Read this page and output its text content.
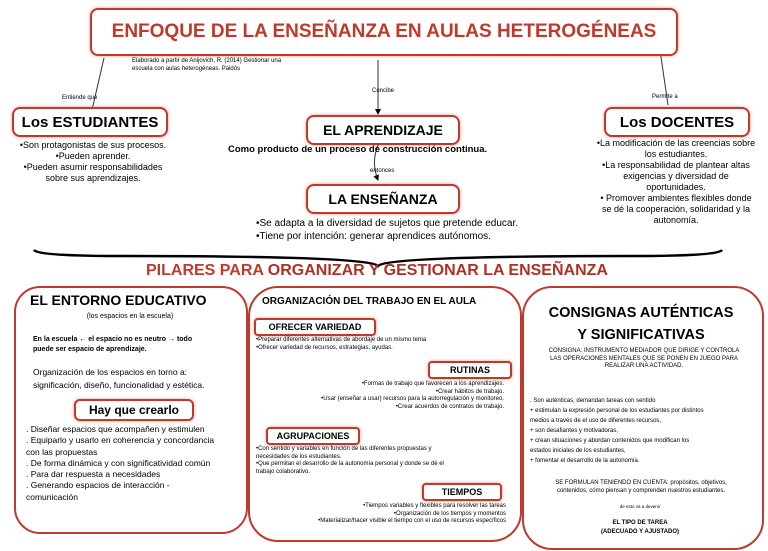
ENFOQUE DE LA ENSEÑANZA EN AULAS HETEROGÉNEAS
Elaborado a partir de Anijovich, R. (2014) Gestionar una
escuela con aulas heterogéneas. Paidós
Entiende que
Concibe
Permite a
entonces
Los ESTUDIANTES
•Son protagonistas de sus procesos.
•Pueden aprender.
•Pueden asumir responsabilidades
sobre sus aprendizajes.
EL APRENDIZAJE
Como producto de un proceso de construcción continua.
Los DOCENTES
•La modificación de las creencias sobre
los estudiantes.
•La responsabilidad de plantear altas
exigencias y diversidad de
oportunidades.
• Promover ambientes flexibles donde
se dé la cooperación, solidaridad y la
autonomía.
LA ENSEÑANZA
•Se adapta a la diversidad de sujetos que pretende educar.
•Tiene por intención: generar aprendices autónomos.
PILARES PARA ORGANIZAR Y GESTIONAR LA ENSEÑANZA
EL ENTORNO EDUCATIVO
(los espacios en la escuela)
En la escuela ← el espacio no es neutro → todo
puede ser espacio de aprendizaje.
Organización de los espacios en torno a:
significación, diseño, funcionalidad y estética.
Hay que crearlo
. Diseñar espacios que acompañen y estimulen
. Equiparlo y usarlo en coherencia y concordancia
con las propuestas
. De forma dinámica y con significatividad común
. Para dar respuesta a necesidades
. Generando espacios de interacción -
comunicación
ORGANIZACIÓN DEL TRABAJO EN EL AULA
OFRECER VARIEDAD
•Preparar diferentes alternativas de abordaje de un mismo tema
•Ofrecer variedad de recursos, estrategias, ayudas.
RUTINAS
•Formas de trabajo que favorecen a los aprendizajes.
•Crear hábitos de trabajo.
•Usar (enseñar a usar) recursos para la autorregulación y monitoreo.
•Crear acuerdos de contratos de trabajo.
AGRUPACIONES
•Con sentido y variables en función de las diferentes propuestas y
necesidades de los estudiantes.
•Que permitan el desarrollo de la autonomía personal y donde se dé el
trabajo colaborativo.
TIEMPOS
•Tiempos variables y flexibles para resolver las tareas
•Organización de los tiempos y momentos
•Materializar/hacer visible el tiempo con el uso de recursos específicos
CONSIGNAS AUTÉNTICAS
Y SIGNIFICATIVAS
CONSIGNA: INSTRUMENTO MEDIADOR QUE DIRIGE Y CONTROLA
LAS OPERACIONES MENTALES QUE SE PONEN EN JUEGO PARA
REALIZAR UNA ACTIVIDAD.
. Son auténticas, demandan tareas con sentido
+ estimulan la expresión personal de los estudiantes por distintos
medios a través de el uso de diferentes recursos,
+ son desafiantes y motivadoras,
+ crean situaciones y abordan contenidos que modifican los
estados iniciales de los estudiantes,
+ fomentar el desarrollo de la autonomía.
SE FORMULAN TENIENDO EN CUENTA: propósitos, objetivos,
contenidos, cómo piensan y comprenden nuestros estudiantes.
de esto va a devenir
EL TIPO DE TAREA
(ADECUADO Y AJUSTADO)
